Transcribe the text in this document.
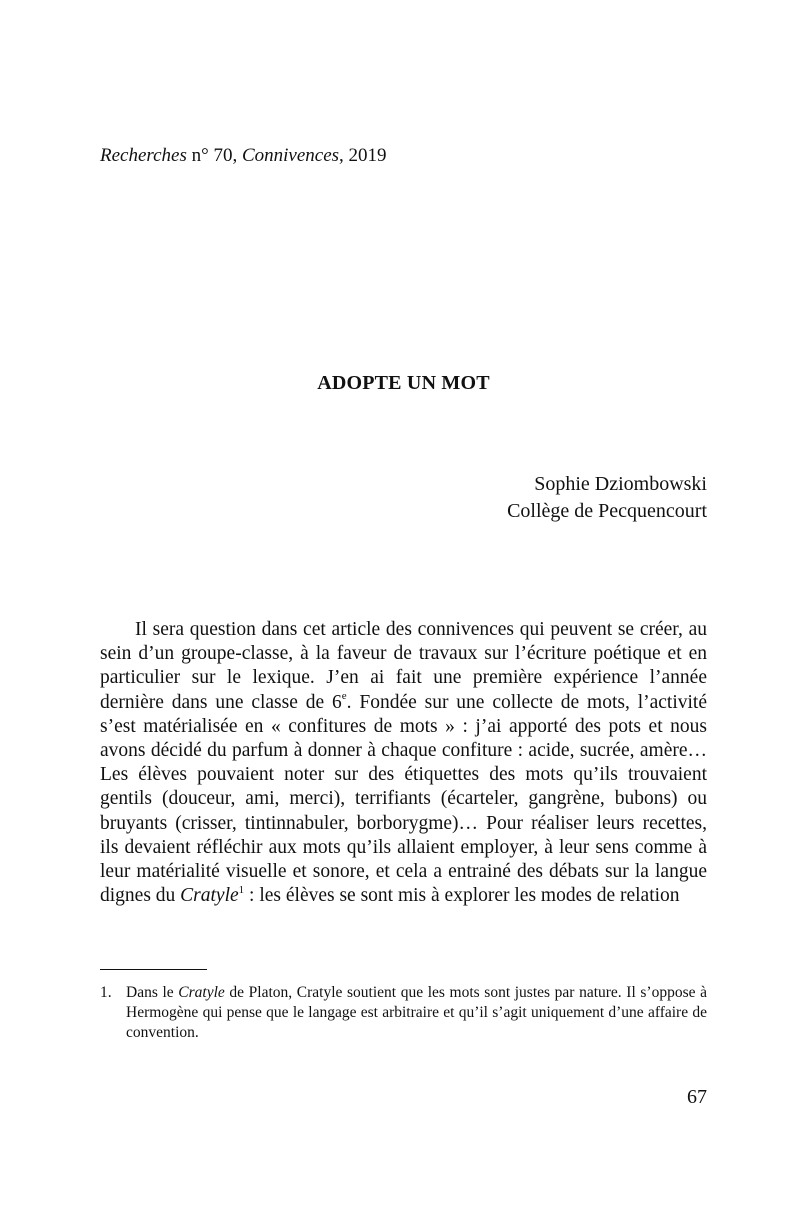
Recherches n° 70, Connivences, 2019
ADOPTE UN MOT
Sophie Dziombowski
Collège de Pecquencourt

Il sera question dans cet article des connivences qui peuvent se créer, au sein d’un groupe-classe, à la faveur de travaux sur l’écriture poétique et en particulier sur le lexique. J’en ai fait une première expérience l’année dernière dans une classe de 6e. Fondée sur une collecte de mots, l’activité s’est matérialisée en « confitures de mots » : j’ai apporté des pots et nous avons décidé du parfum à donner à chaque confiture : acide, sucrée, amère… Les élèves pouvaient noter sur des étiquettes des mots qu’ils trouvaient gentils (douceur, ami, merci), terrifiants (écarteler, gangrène, bubons) ou bruyants (crisser, tintinnabuler, borborygme)… Pour réaliser leurs recettes, ils devaient réfléchir aux mots qu’ils allaient employer, à leur sens comme à leur matérialité visuelle et sonore, et cela a entrainé des débats sur la langue dignes du Cratyle$^1$ : les élèves se sont mis à explorer les modes de relation

1. Dans le Cratyle de Platon, Cratyle soutient que les mots sont justes par nature. Il s’oppose à Hermogène qui pense que le langage est arbitraire et qu’il s’agit uniquement d’une affaire de convention.
67
